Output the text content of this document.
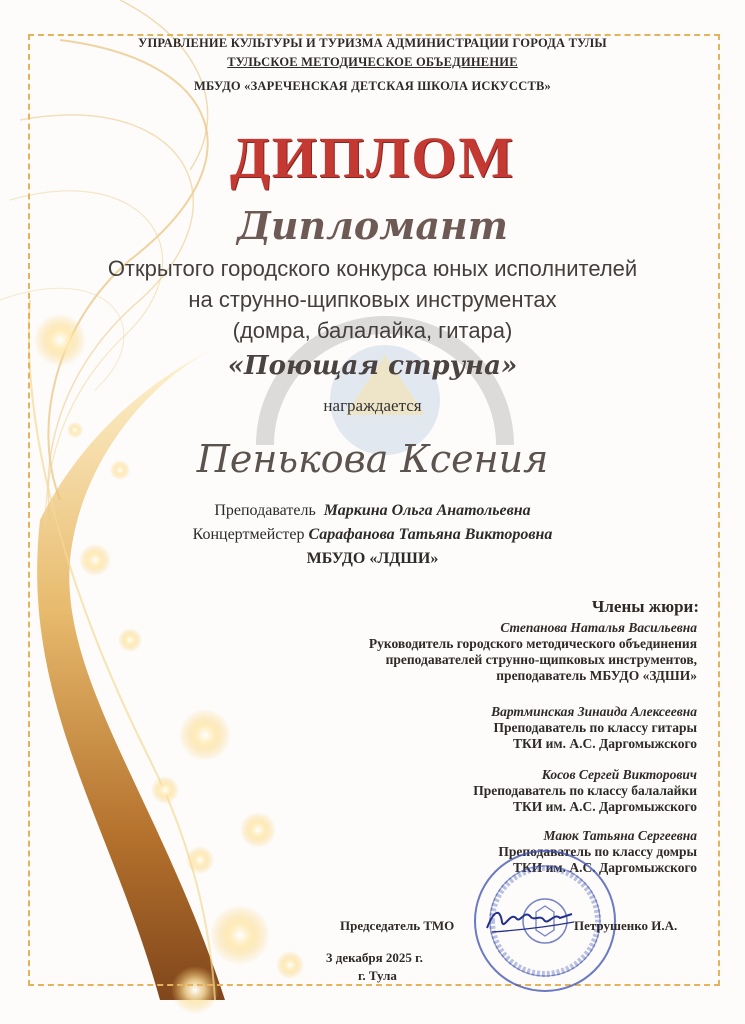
УПРАВЛЕНИЕ КУЛЬТУРЫ И ТУРИЗМА АДМИНИСТРАЦИИ ГОРОДА ТУЛЫ
ТУЛЬСКОЕ МЕТОДИЧЕСКОЕ ОБЪЕДИНЕНИЕ
МБУДО «ЗАРЕЧЕНСКАЯ ДЕТСКАЯ ШКОЛА ИСКУССТВ»
ДИПЛОМ
Дипломант
Открытого городского конкурса юных исполнителей
на струнно-щипковых инструментах
(домра, балалайка, гитара)
«Поющая струна»
награждается
Пенькова Ксения
Преподаватель Маркина Ольга Анатольевна
Концертмейстер Сарафанова Татьяна Викторовна
МБУДО «ЛДШИ»
Члены жюри:
Степанова Наталья Васильевна
Руководитель городского методического объединения
преподавателей струнно-щипковых инструментов,
преподаватель МБУДО «ЗДШИ»
Вартминская Зинаида Алексеевна
Преподаватель по классу гитары
ТКИ им. А.С. Даргомыжского
Косов Сергей Викторович
Преподаватель по классу балалайки
ТКИ им. А.С. Даргомыжского
Маюк Татьяна Сергеевна
Преподаватель по классу домры
ТКИ им. А.С. Даргомыжского
Председатель ТМО	Петрушенко И.А.
3 декабря 2025 г.
г. Тула
